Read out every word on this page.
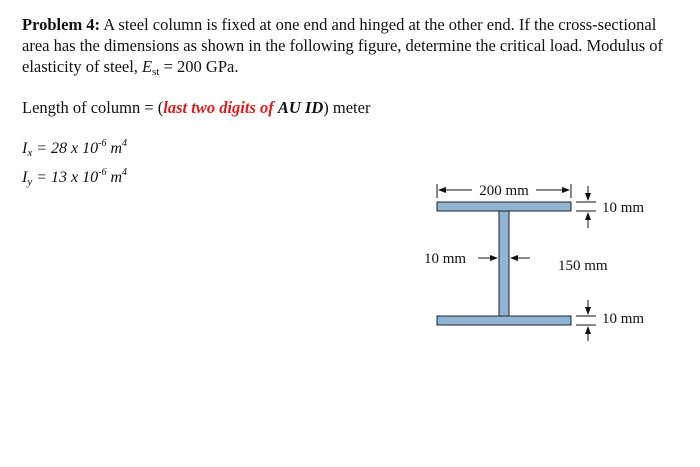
Problem 4: A steel column is fixed at one end and hinged at the other end. If the cross-sectional area has the dimensions as shown in the following figure, determine the critical load. Modulus of elasticity of steel, $E_{st} = 200$ GPa.

Length of column = (last two digits of AU ID) meter

$I_x = 28$ x $10^{-6}$ $m^4$
$I_y = 13$ x $10^{-6}$ $m^4$
200 mm
10 mm
10 mm	150 mm
10 mm
